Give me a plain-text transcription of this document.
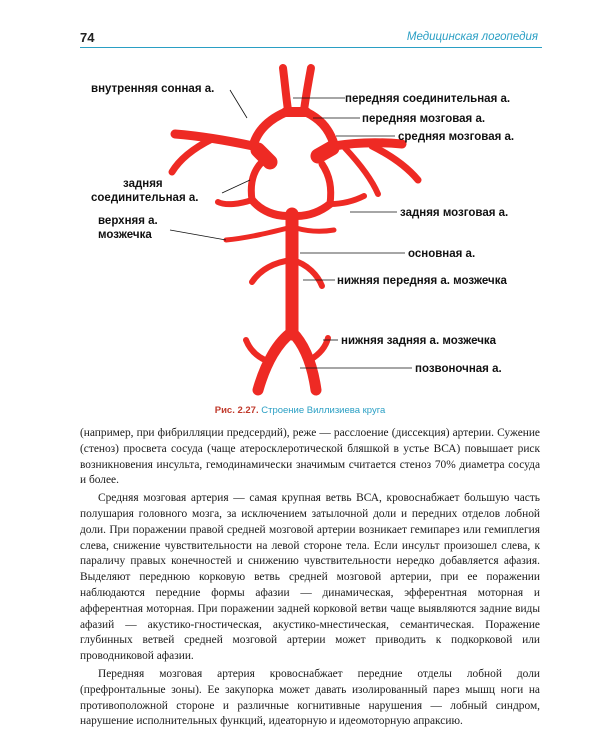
74	Медицинская логопедия
внутренняя сонная а.
передняя соединительная а.
передняя мозговая а.
средняя мозговая а.
задняя
соединительная а.
задняя мозговая а.
верхняя а.
мозжечка
основная а.
нижняя передняя а. мозжечка
нижняя задняя а. мозжечка
позвоночная а.
Рис. 2.27. Строение Виллизиева круга

(например, при фибрилляции предсердий), реже — расслоение (диссекция) артерии. Сужение (стеноз) просвета сосуда (чаще атеросклеротической бляшкой в устье ВСА) повышает риск возникновения инсульта, гемодинамически значимым считается стеноз 70% диаметра сосуда и более.

Средняя мозговая артерия — самая крупная ветвь ВСА, кровоснабжает большую часть полушария головного мозга, за исключением затылочной доли и передних отделов лобной доли. При поражении правой средней мозговой артерии возникает гемипарез или гемиплегия слева, снижение чувствительности на левой стороне тела. Если инсульт произошел слева, к параличу правых конечностей и снижению чувствительности нередко добавляется афазия. Выделяют переднюю корковую ветвь средней мозговой артерии, при ее поражении наблюдаются передние формы афазии — динамическая, эфферентная моторная и афферентная моторная. При поражении задней корковой ветви чаще выявляются задние виды афазий — акустико-гностическая, акустико-мнестическая, семантическая. Поражение глубинных ветвей средней мозговой артерии может приводить к подкорковой или проводниковой афазии.

Передняя мозговая артерия кровоснабжает передние отделы лобной доли (префронтальные зоны). Ее закупорка может давать изолированный парез мышц ноги на противоположной стороне и различные когнитивные нарушения — лобный синдром, нарушение исполнительных функций, идеаторную и идеомоторную апраксию.
